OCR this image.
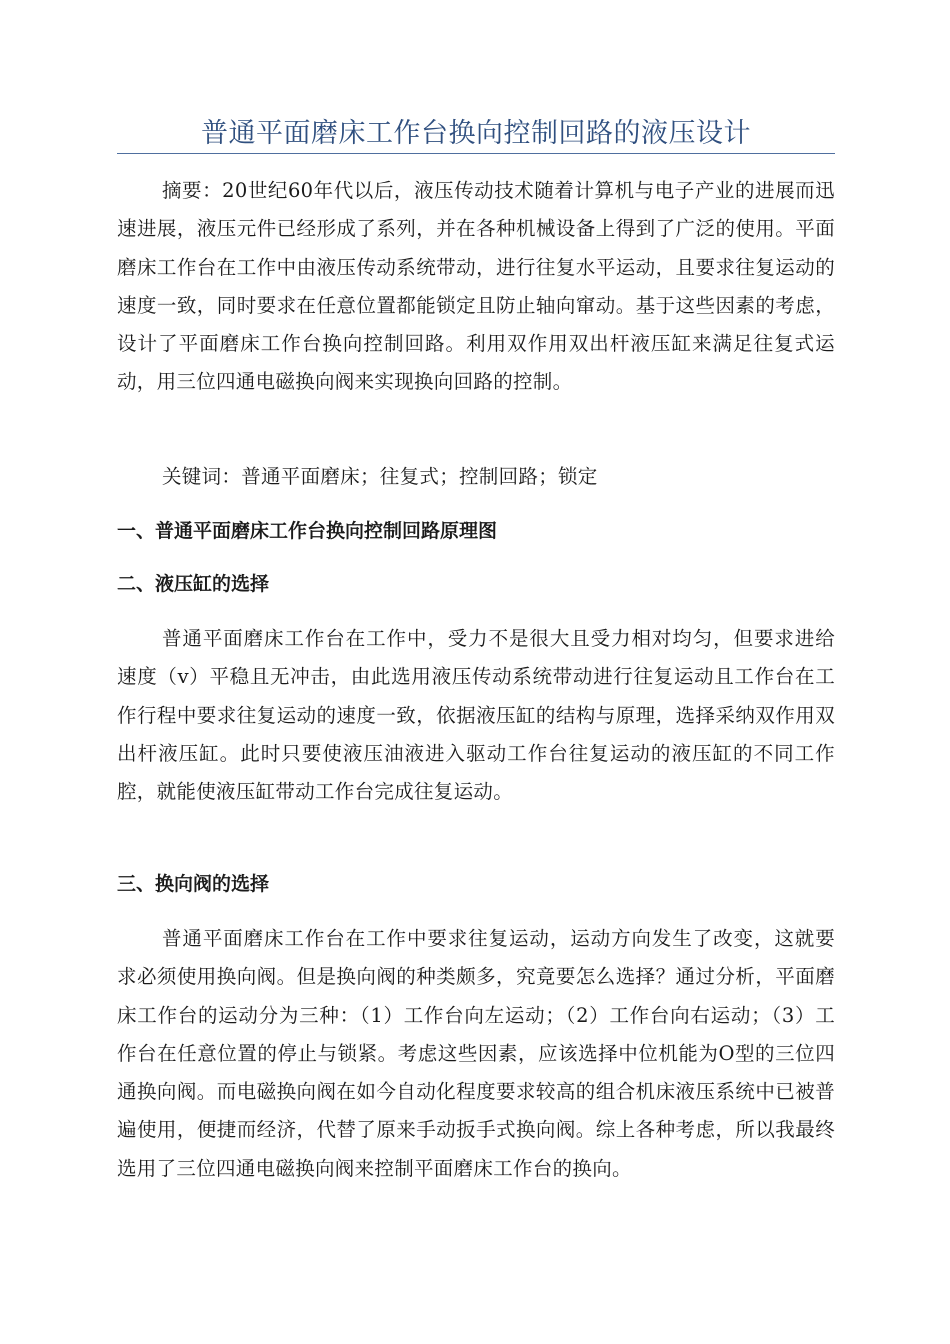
普通平面磨床工作台换向控制回路的液压设计

摘要：20世纪60年代以后，液压传动技术随着计算机与电子产业的进展而迅速进展，液压元件已经形成了系列，并在各种机械设备上得到了广泛的使用。平面磨床工作台在工作中由液压传动系统带动，进行往复水平运动，且要求往复运动的速度一致，同时要求在任意位置都能锁定且防止轴向窜动。基于这些因素的考虑，设计了平面磨床工作台换向控制回路。利用双作用双出杆液压缸来满足往复式运动，用三位四通电磁换向阀来实现换向回路的控制。

关键词：普通平面磨床；往复式；控制回路；锁定

一、普通平面磨床工作台换向控制回路原理图
二、液压缸的选择

普通平面磨床工作台在工作中，受力不是很大且受力相对均匀，但要求进给速度（v）平稳且无冲击，由此选用液压传动系统带动进行往复运动且工作台在工作行程中要求往复运动的速度一致，依据液压缸的结构与原理，选择采纳双作用双出杆液压缸。此时只要使液压油液进入驱动工作台往复运动的液压缸的不同工作腔，就能使液压缸带动工作台完成往复运动。

三、换向阀的选择

普通平面磨床工作台在工作中要求往复运动，运动方向发生了改变，这就要求必须使用换向阀。但是换向阀的种类颇多，究竟要怎么选择？通过分析，平面磨床工作台的运动分为三种：（1）工作台向左运动；（2）工作台向右运动；（3）工作台在任意位置的停止与锁紧。考虑这些因素，应该选择中位机能为O型的三位四通换向阀。而电磁换向阀在如今自动化程度要求较高的组合机床液压系统中已被普遍使用，便捷而经济，代替了原来手动扳手式换向阀。综上各种考虑，所以我最终选用了三位四通电磁换向阀来控制平面磨床工作台的换向。
